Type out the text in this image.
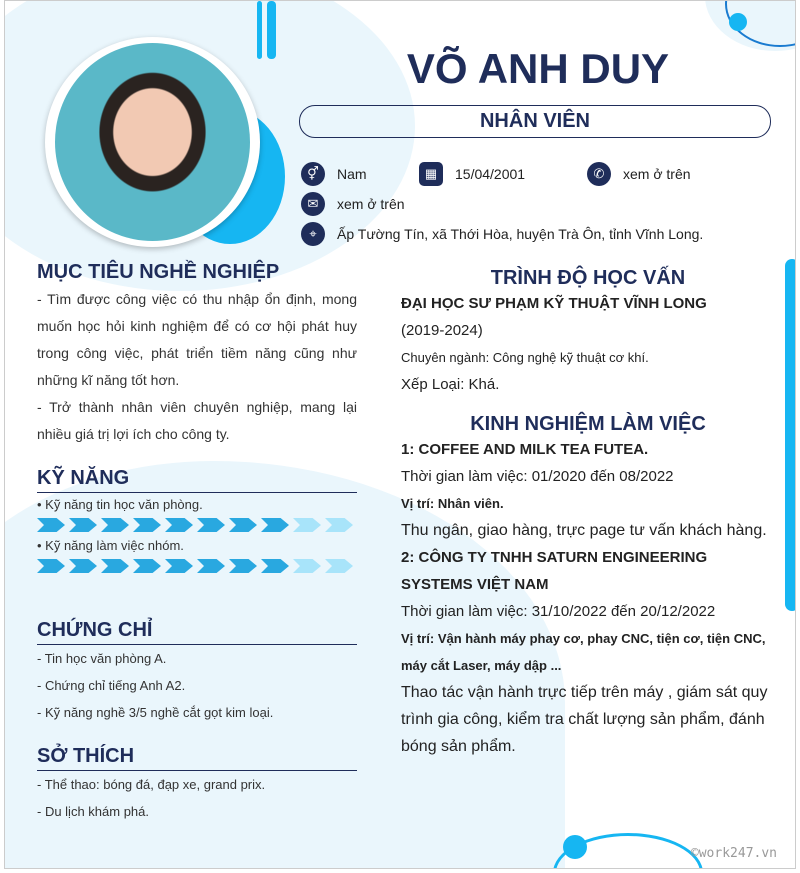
VÕ ANH DUY
NHÂN VIÊN
⚥	Nam	▦	15/04/2001	✆	xem ở trên
✉	xem ở trên
⌖	Ấp Tường Tín, xã Thới Hòa, huyện Trà Ôn, tỉnh Vĩnh Long.
MỤC TIÊU NGHỀ NGHIỆP
- Tìm được công việc có thu nhập ổn định, mong muốn học hỏi kinh nghiệm để có cơ hội phát huy trong công việc, phát triển tiềm năng cũng như những kĩ năng tốt hơn.
- Trở thành nhân viên chuyên nghiệp, mang lại nhiều giá trị lợi ích cho công ty.
KỸ NĂNG
• Kỹ năng tin học văn phòng.
• Kỹ năng làm việc nhóm.
CHỨNG CHỈ
- Tin học văn phòng A.
- Chứng chỉ tiếng Anh A2.
- Kỹ năng nghề 3/5 nghề cắt gọt kim loại.
SỞ THÍCH
- Thể thao: bóng đá, đạp xe, grand prix.
- Du lịch khám phá.
TRÌNH ĐỘ HỌC VẤN
ĐẠI HỌC SƯ PHẠM KỸ THUẬT VĨNH LONG
(2019-2024)
Chuyên ngành: Công nghệ kỹ thuật cơ khí.
Xếp Loại: Khá.
KINH NGHIỆM LÀM VIỆC
1: COFFEE AND MILK TEA FUTEA.
Thời gian làm việc: 01/2020 đến 08/2022
Vị trí: Nhân viên.
Thu ngân, giao hàng, trực page tư vấn khách hàng.
2: CÔNG TY TNHH SATURN ENGINEERING SYSTEMS VIỆT NAM
Thời gian làm việc: 31/10/2022 đến 20/12/2022
Vị trí: Vận hành máy phay cơ, phay CNC, tiện cơ, tiện CNC, máy cắt Laser, máy dập ...
Thao tác vận hành trực tiếp trên máy , giám sát quy trình gia công, kiểm tra chất lượng sản phẩm, đánh bóng sản phẩm.
©work247.vn
